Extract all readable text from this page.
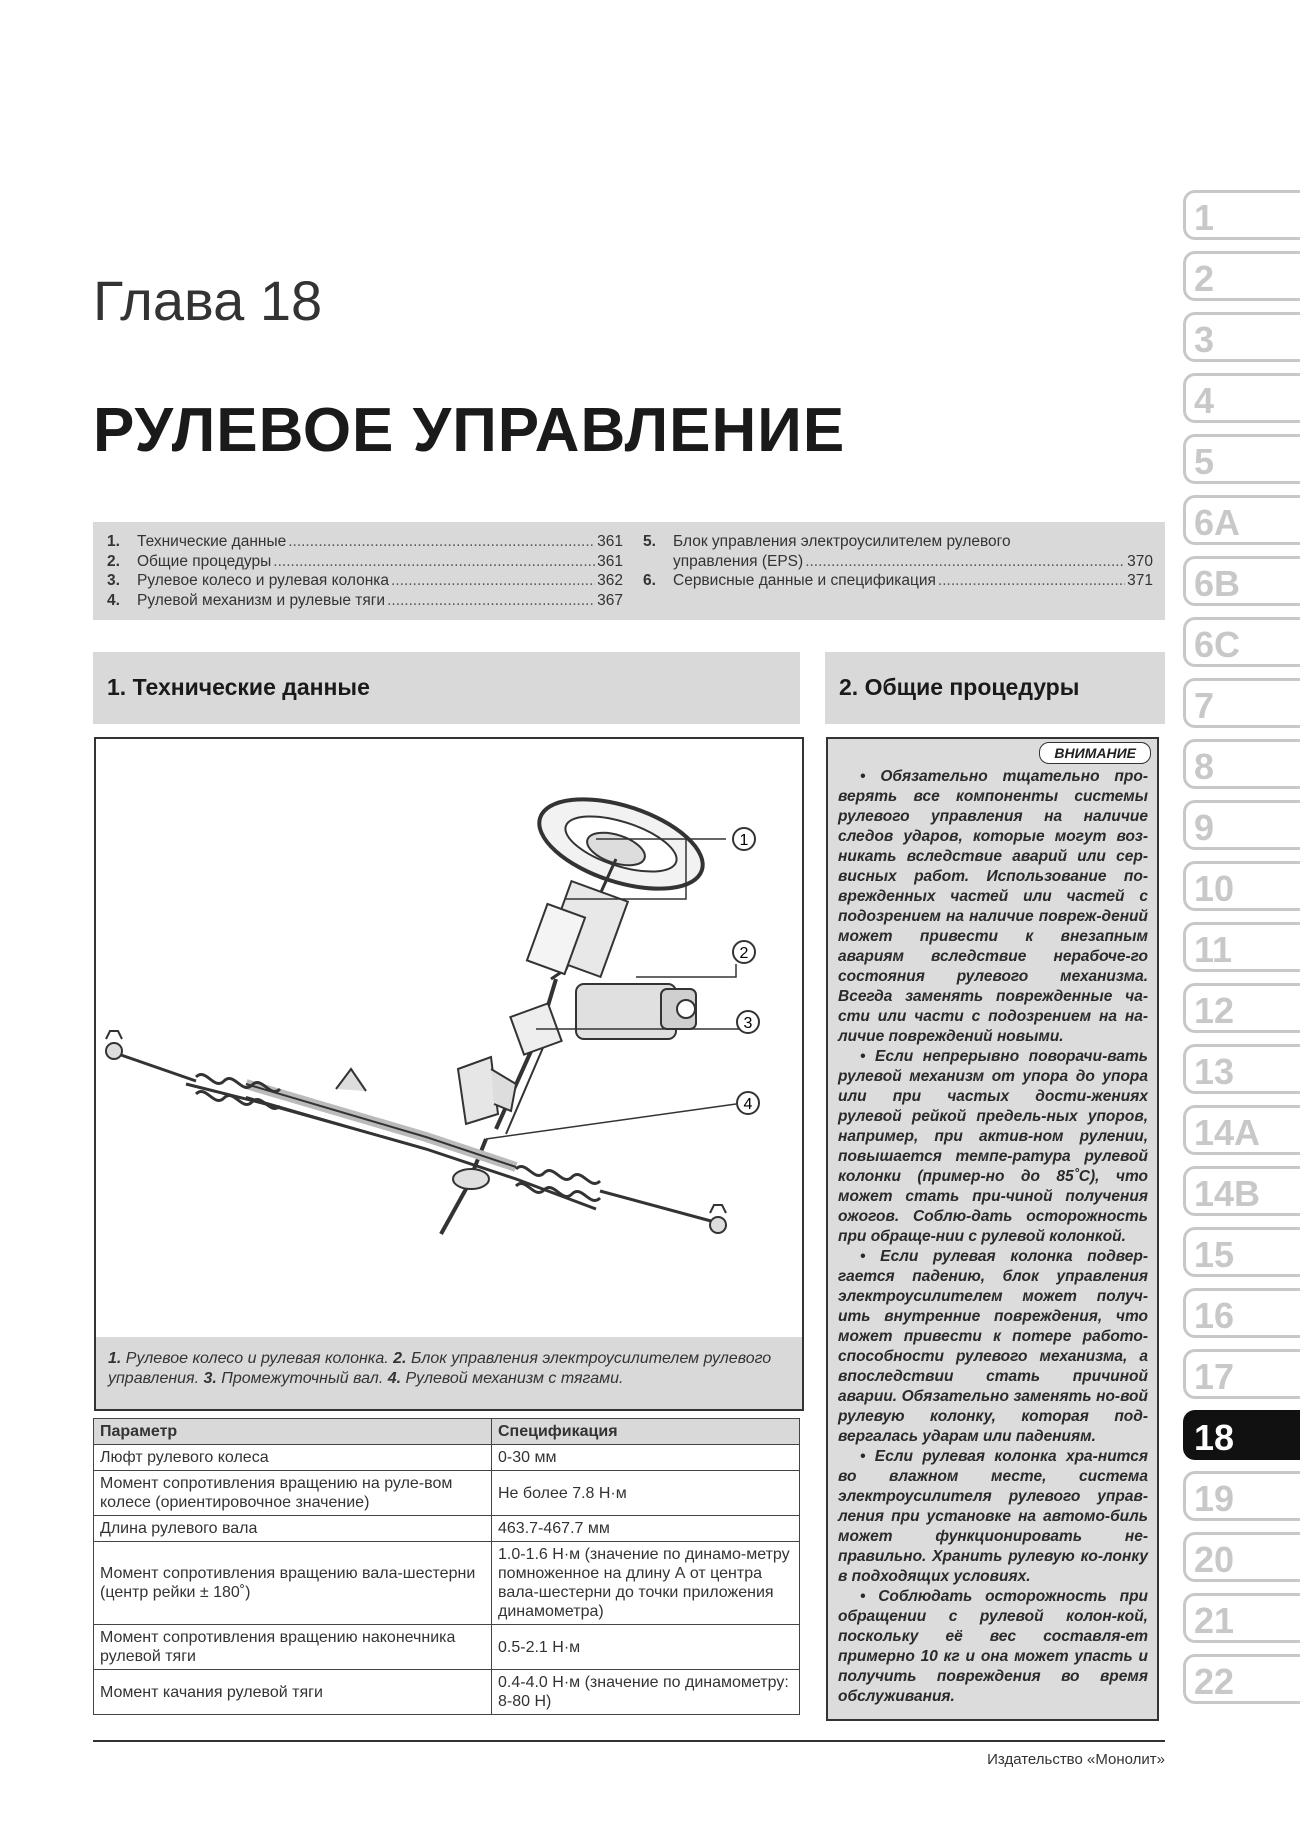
Глава 18
РУЛЕВОЕ УПРАВЛЕНИЕ
1.	Технические данные .....	361
2.	Общие процедуры .....	361
3.	Рулевое колесо и рулевая колонка .....	362
4.	Рулевой механизм и рулевые тяги .....	367
5.	Блок управления электроусилителем рулевого
управления (EPS) .....	370
6.	Сервисные данные и спецификация .....	371
1. Технические данные	2. Общие процедуры
1
2
3
4
1. Рулевое колесо и рулевая колонка. 2. Блок управления электроусилителем рулевого управления. 3. Промежуточный вал. 4. Рулевой механизм с тягами.
Параметр	Спецификация
Люфт рулевого колеса	0-30 мм
Момент сопротивления вращению на руле-вом колесе (ориентировочное значение)	Не более 7.8 Н·м
Длина рулевого вала	463.7-467.7 мм
Момент сопротивления вращению вала-шестерни (центр рейки ± 180˚)	1.0-1.6 Н·м (значение по динамо-метру помноженное на длину А от центра вала-шестерни до точки приложения динамометра)
Момент сопротивления вращению наконечника рулевой тяги	0.5-2.1 Н·м
Момент качания рулевой тяги	0.4-4.0 Н·м (значение по динамометру: 8-80 Н)
ВНИМАНИЕ

• Обязательно тщательно про-верять все компоненты системы рулевого управления на наличие следов ударов, которые могут воз-никать вследствие аварий или сер-висных работ. Использование по-врежденных частей или частей с подозрением на наличие повреж-дений может привести к внезапным авариям вследствие нерабоче-го состояния рулевого механизма. Всегда заменять поврежденные ча-сти или части с подозрением на на-личие повреждений новыми.

• Если непрерывно поворачи-вать рулевой механизм от упора до упора или при частых дости-жениях рулевой рейкой предель-ных упоров, например, при актив-ном рулении, повышается темпе-ратура рулевой колонки (пример-но до 85˚С), что может стать при-чиной получения ожогов. Соблю-дать осторожность при обраще-нии с рулевой колонкой.

• Если рулевая колонка подвер-гается падению, блок управления электроусилителем может получ-ить внутренние повреждения, что может привести к потере работо-способности рулевого механизма, а впоследствии стать причиной аварии. Обязательно заменять но-вой рулевую колонку, которая под-вергалась ударам или падениям.

• Если рулевая колонка хра-нится во влажном месте, система электроусилителя рулевого управ-ления при установке на автомо-биль может функционировать не-правильно. Хранить рулевую ко-лонку в подходящих условиях.

• Соблюдать осторожность при обращении с рулевой колон-кой, поскольку её вес составля-ет примерно 10 кг и она может упасть и получить повреждения во время обслуживания.

Издательство «Монолит»
1
2
3
4
5
6A
6B
6C
7
8
9
10
11
12
13
14A
14B
15
16
17
18
19
20
21
22
